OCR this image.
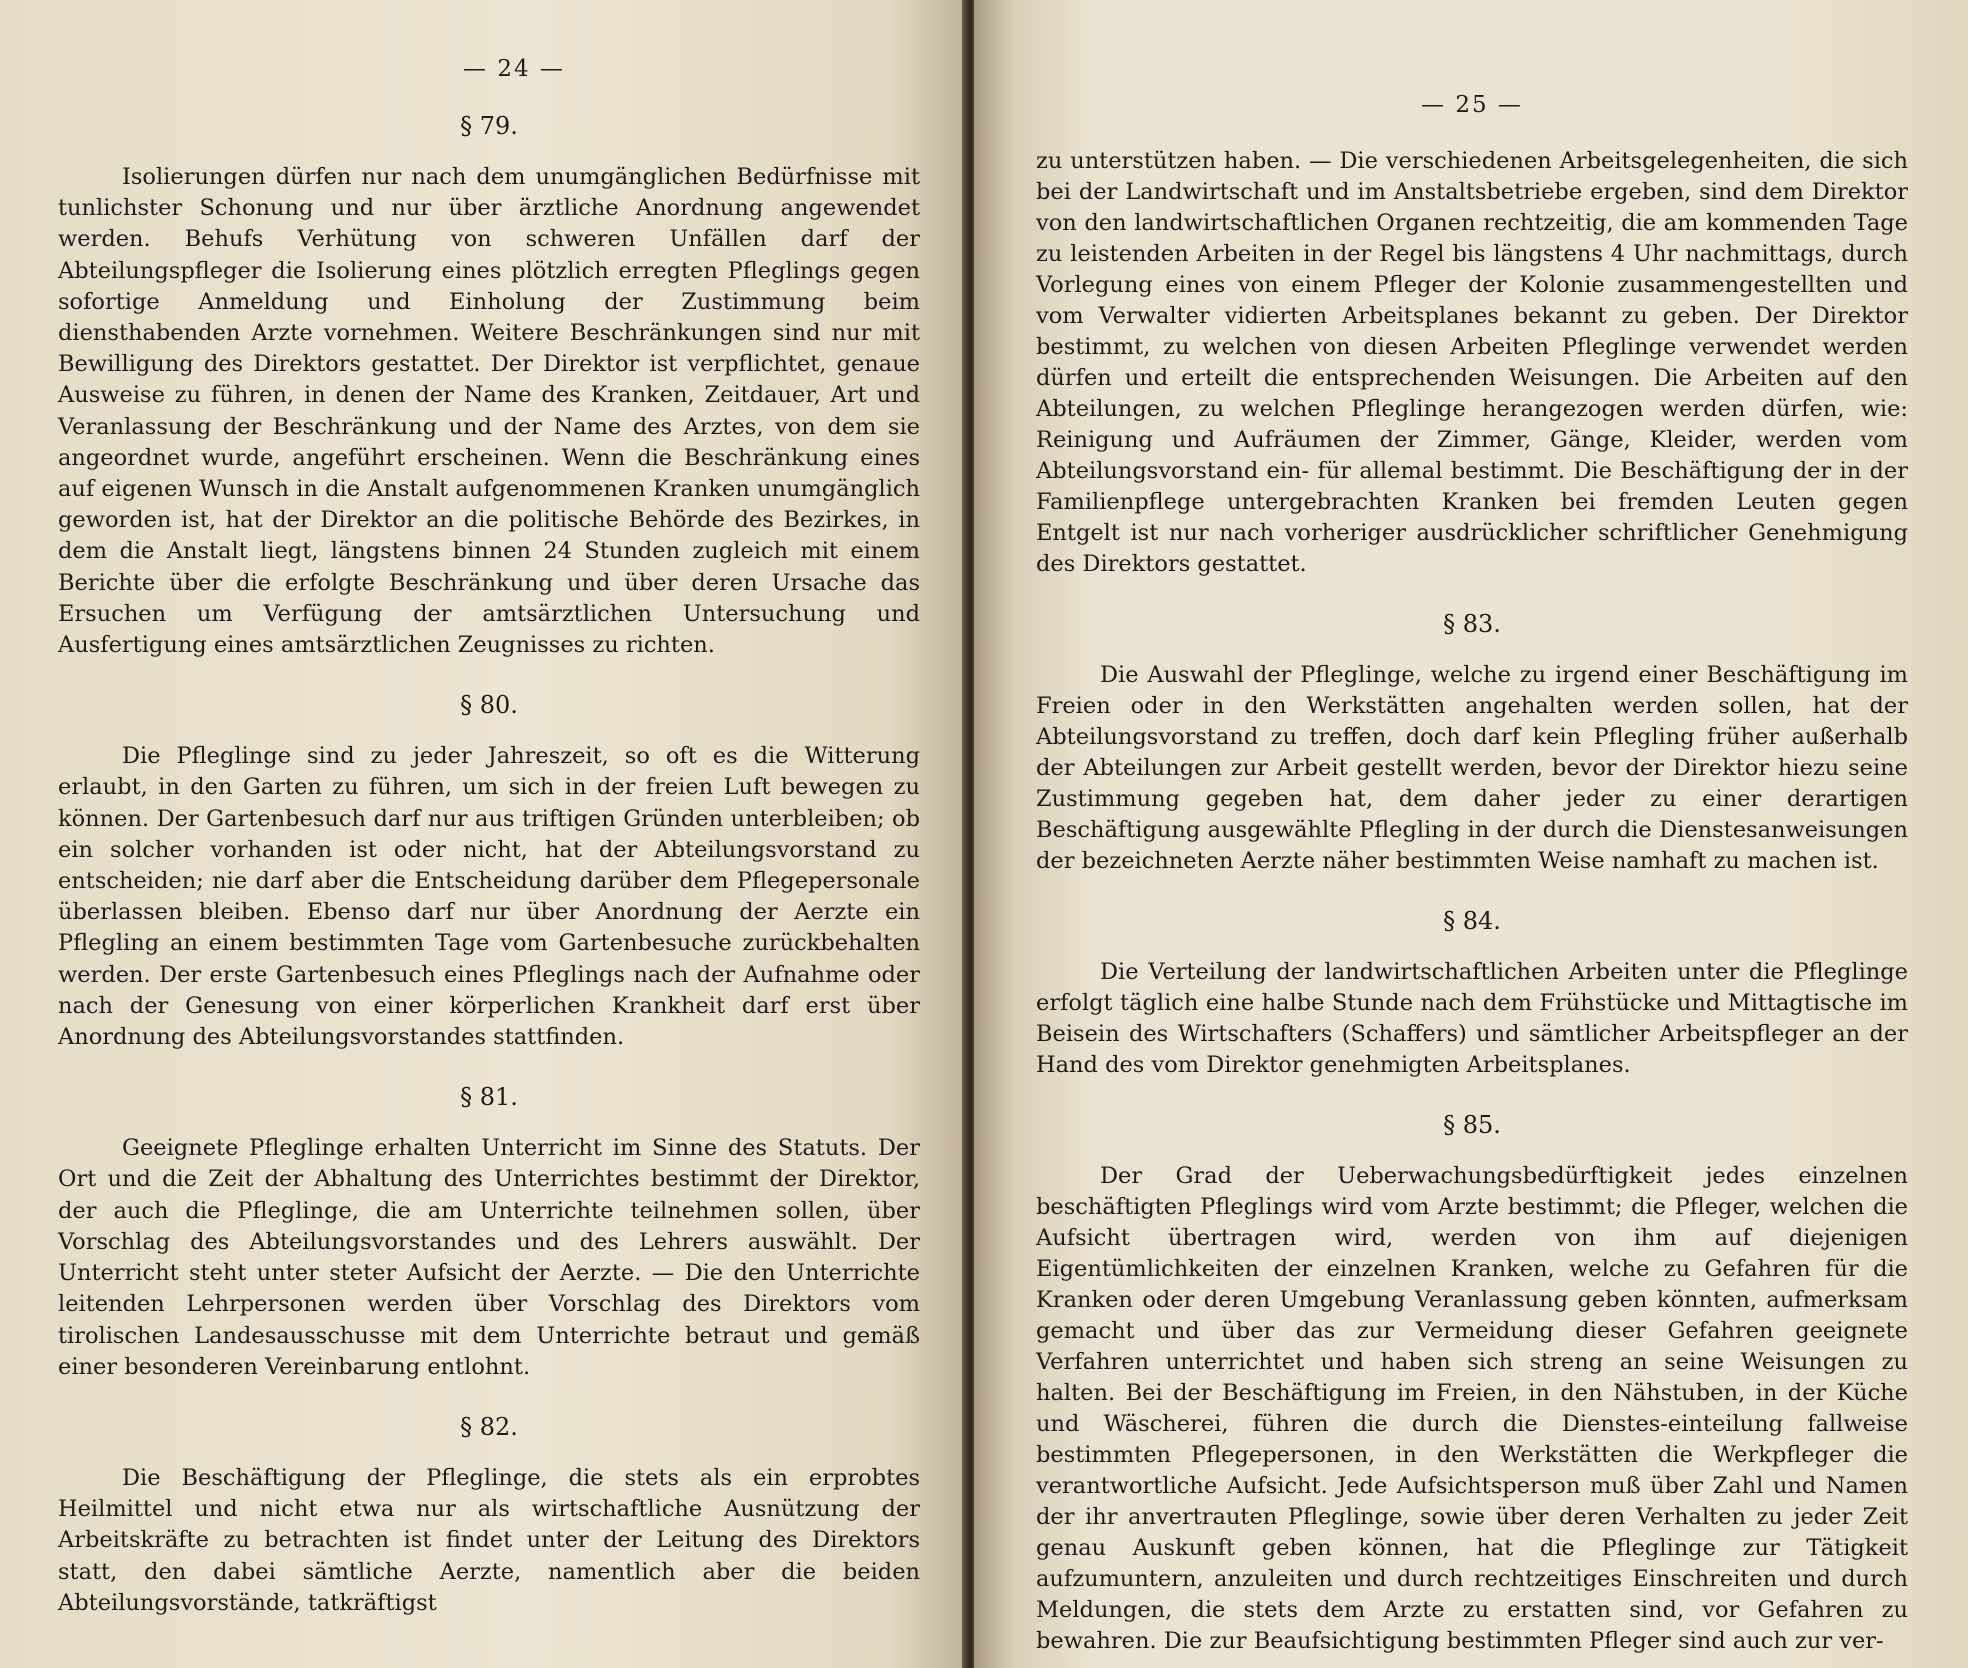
— 24 —
§ 79.

Isolierungen dürfen nur nach dem unumgänglichen Bedürfnisse mit tunlichster Schonung und nur über ärztliche Anordnung angewendet werden. Behufs Verhütung von schweren Unfällen darf der Abteilungspfleger die Isolierung eines plötzlich erregten Pfleglings gegen sofortige Anmeldung und Einholung der Zustimmung beim diensthabenden Arzte vornehmen. Weitere Beschränkungen sind nur mit Bewilligung des Direktors gestattet. Der Direktor ist verpflichtet, genaue Ausweise zu führen, in denen der Name des Kranken, Zeitdauer, Art und Veranlassung der Beschränkung und der Name des Arztes, von dem sie angeordnet wurde, angeführt erscheinen. Wenn die Beschränkung eines auf eigenen Wunsch in die Anstalt aufgenommenen Kranken unumgänglich geworden ist, hat der Direktor an die politische Behörde des Bezirkes, in dem die Anstalt liegt, längstens binnen 24 Stunden zugleich mit einem Berichte über die erfolgte Beschränkung und über deren Ursache das Ersuchen um Verfügung der amtsärztlichen Untersuchung und Ausfertigung eines amtsärztlichen Zeugnisses zu richten.

§ 80.

Die Pfleglinge sind zu jeder Jahreszeit, so oft es die Witterung erlaubt, in den Garten zu führen, um sich in der freien Luft bewegen zu können. Der Gartenbesuch darf nur aus triftigen Gründen unterbleiben; ob ein solcher vorhanden ist oder nicht, hat der Abteilungsvorstand zu entscheiden; nie darf aber die Entscheidung darüber dem Pflegepersonale überlassen bleiben. Ebenso darf nur über Anordnung der Aerzte ein Pflegling an einem bestimmten Tage vom Gartenbesuche zurückbehalten werden. Der erste Gartenbesuch eines Pfleglings nach der Aufnahme oder nach der Genesung von einer körperlichen Krankheit darf erst über Anordnung des Abteilungsvorstandes stattfinden.

§ 81.

Geeignete Pfleglinge erhalten Unterricht im Sinne des Statuts. Der Ort und die Zeit der Abhaltung des Unterrichtes bestimmt der Direktor, der auch die Pfleglinge, die am Unterrichte teilnehmen sollen, über Vorschlag des Abteilungsvorstandes und des Lehrers auswählt. Der Unterricht steht unter steter Aufsicht der Aerzte. — Die den Unterrichte leitenden Lehrpersonen werden über Vorschlag des Direktors vom tirolischen Landesausschusse mit dem Unterrichte betraut und gemäß einer besonderen Vereinbarung entlohnt.

§ 82.

Die Beschäftigung der Pfleglinge, die stets als ein erprobtes Heilmittel und nicht etwa nur als wirtschaftliche Ausnützung der Arbeitskräfte zu betrachten ist findet unter der Leitung des Direktors statt, den dabei sämtliche Aerzte, namentlich aber die beiden Abteilungsvorstände, tatkräftigst

— 25 —

zu unterstützen haben. — Die verschiedenen Arbeitsgelegenheiten, die sich bei der Landwirtschaft und im Anstaltsbetriebe ergeben, sind dem Direktor von den landwirtschaftlichen Organen rechtzeitig, die am kommenden Tage zu leistenden Arbeiten in der Regel bis längstens 4 Uhr nachmittags, durch Vorlegung eines von einem Pfleger der Kolonie zusammengestellten und vom Verwalter vidierten Arbeitsplanes bekannt zu geben. Der Direktor bestimmt, zu welchen von diesen Arbeiten Pfleglinge verwendet werden dürfen und erteilt die entsprechenden Weisungen. Die Arbeiten auf den Abteilungen, zu welchen Pfleglinge herangezogen werden dürfen, wie: Reinigung und Aufräumen der Zimmer, Gänge, Kleider, werden vom Abteilungsvorstand ein- für allemal bestimmt. Die Beschäftigung der in der Familienpflege untergebrachten Kranken bei fremden Leuten gegen Entgelt ist nur nach vorheriger ausdrücklicher schriftlicher Genehmigung des Direktors gestattet.

§ 83.

Die Auswahl der Pfleglinge, welche zu irgend einer Beschäftigung im Freien oder in den Werkstätten angehalten werden sollen, hat der Abteilungsvorstand zu treffen, doch darf kein Pflegling früher außerhalb der Abteilungen zur Arbeit gestellt werden, bevor der Direktor hiezu seine Zustimmung gegeben hat, dem daher jeder zu einer derartigen Beschäftigung ausgewählte Pflegling in der durch die Dienstesanweisungen der bezeichneten Aerzte näher bestimmten Weise namhaft zu machen ist.

§ 84.

Die Verteilung der landwirtschaftlichen Arbeiten unter die Pfleglinge erfolgt täglich eine halbe Stunde nach dem Frühstücke und Mittagtische im Beisein des Wirtschafters (Schaffers) und sämtlicher Arbeitspfleger an der Hand des vom Direktor genehmigten Arbeitsplanes.

§ 85.

Der Grad der Ueberwachungsbedürftigkeit jedes einzelnen beschäftigten Pfleglings wird vom Arzte bestimmt; die Pfleger, welchen die Aufsicht übertragen wird, werden von ihm auf diejenigen Eigentümlichkeiten der einzelnen Kranken, welche zu Gefahren für die Kranken oder deren Umgebung Veranlassung geben könnten, aufmerksam gemacht und über das zur Vermeidung dieser Gefahren geeignete Verfahren unterrichtet und haben sich streng an seine Weisungen zu halten. Bei der Beschäftigung im Freien, in den Nähstuben, in der Küche und Wäscherei, führen die durch die Dienstes-einteilung fallweise bestimmten Pflegepersonen, in den Werkstätten die Werkpfleger die verantwortliche Aufsicht. Jede Aufsichtsperson muß über Zahl und Namen der ihr anvertrauten Pfleglinge, sowie über deren Verhalten zu jeder Zeit genau Auskunft geben können, hat die Pfleglinge zur Tätigkeit aufzumuntern, anzuleiten und durch rechtzeitiges Einschreiten und durch Meldungen, die stets dem Arzte zu erstatten sind, vor Gefahren zu bewahren. Die zur Beaufsichtigung bestimmten Pfleger sind auch zur ver-
